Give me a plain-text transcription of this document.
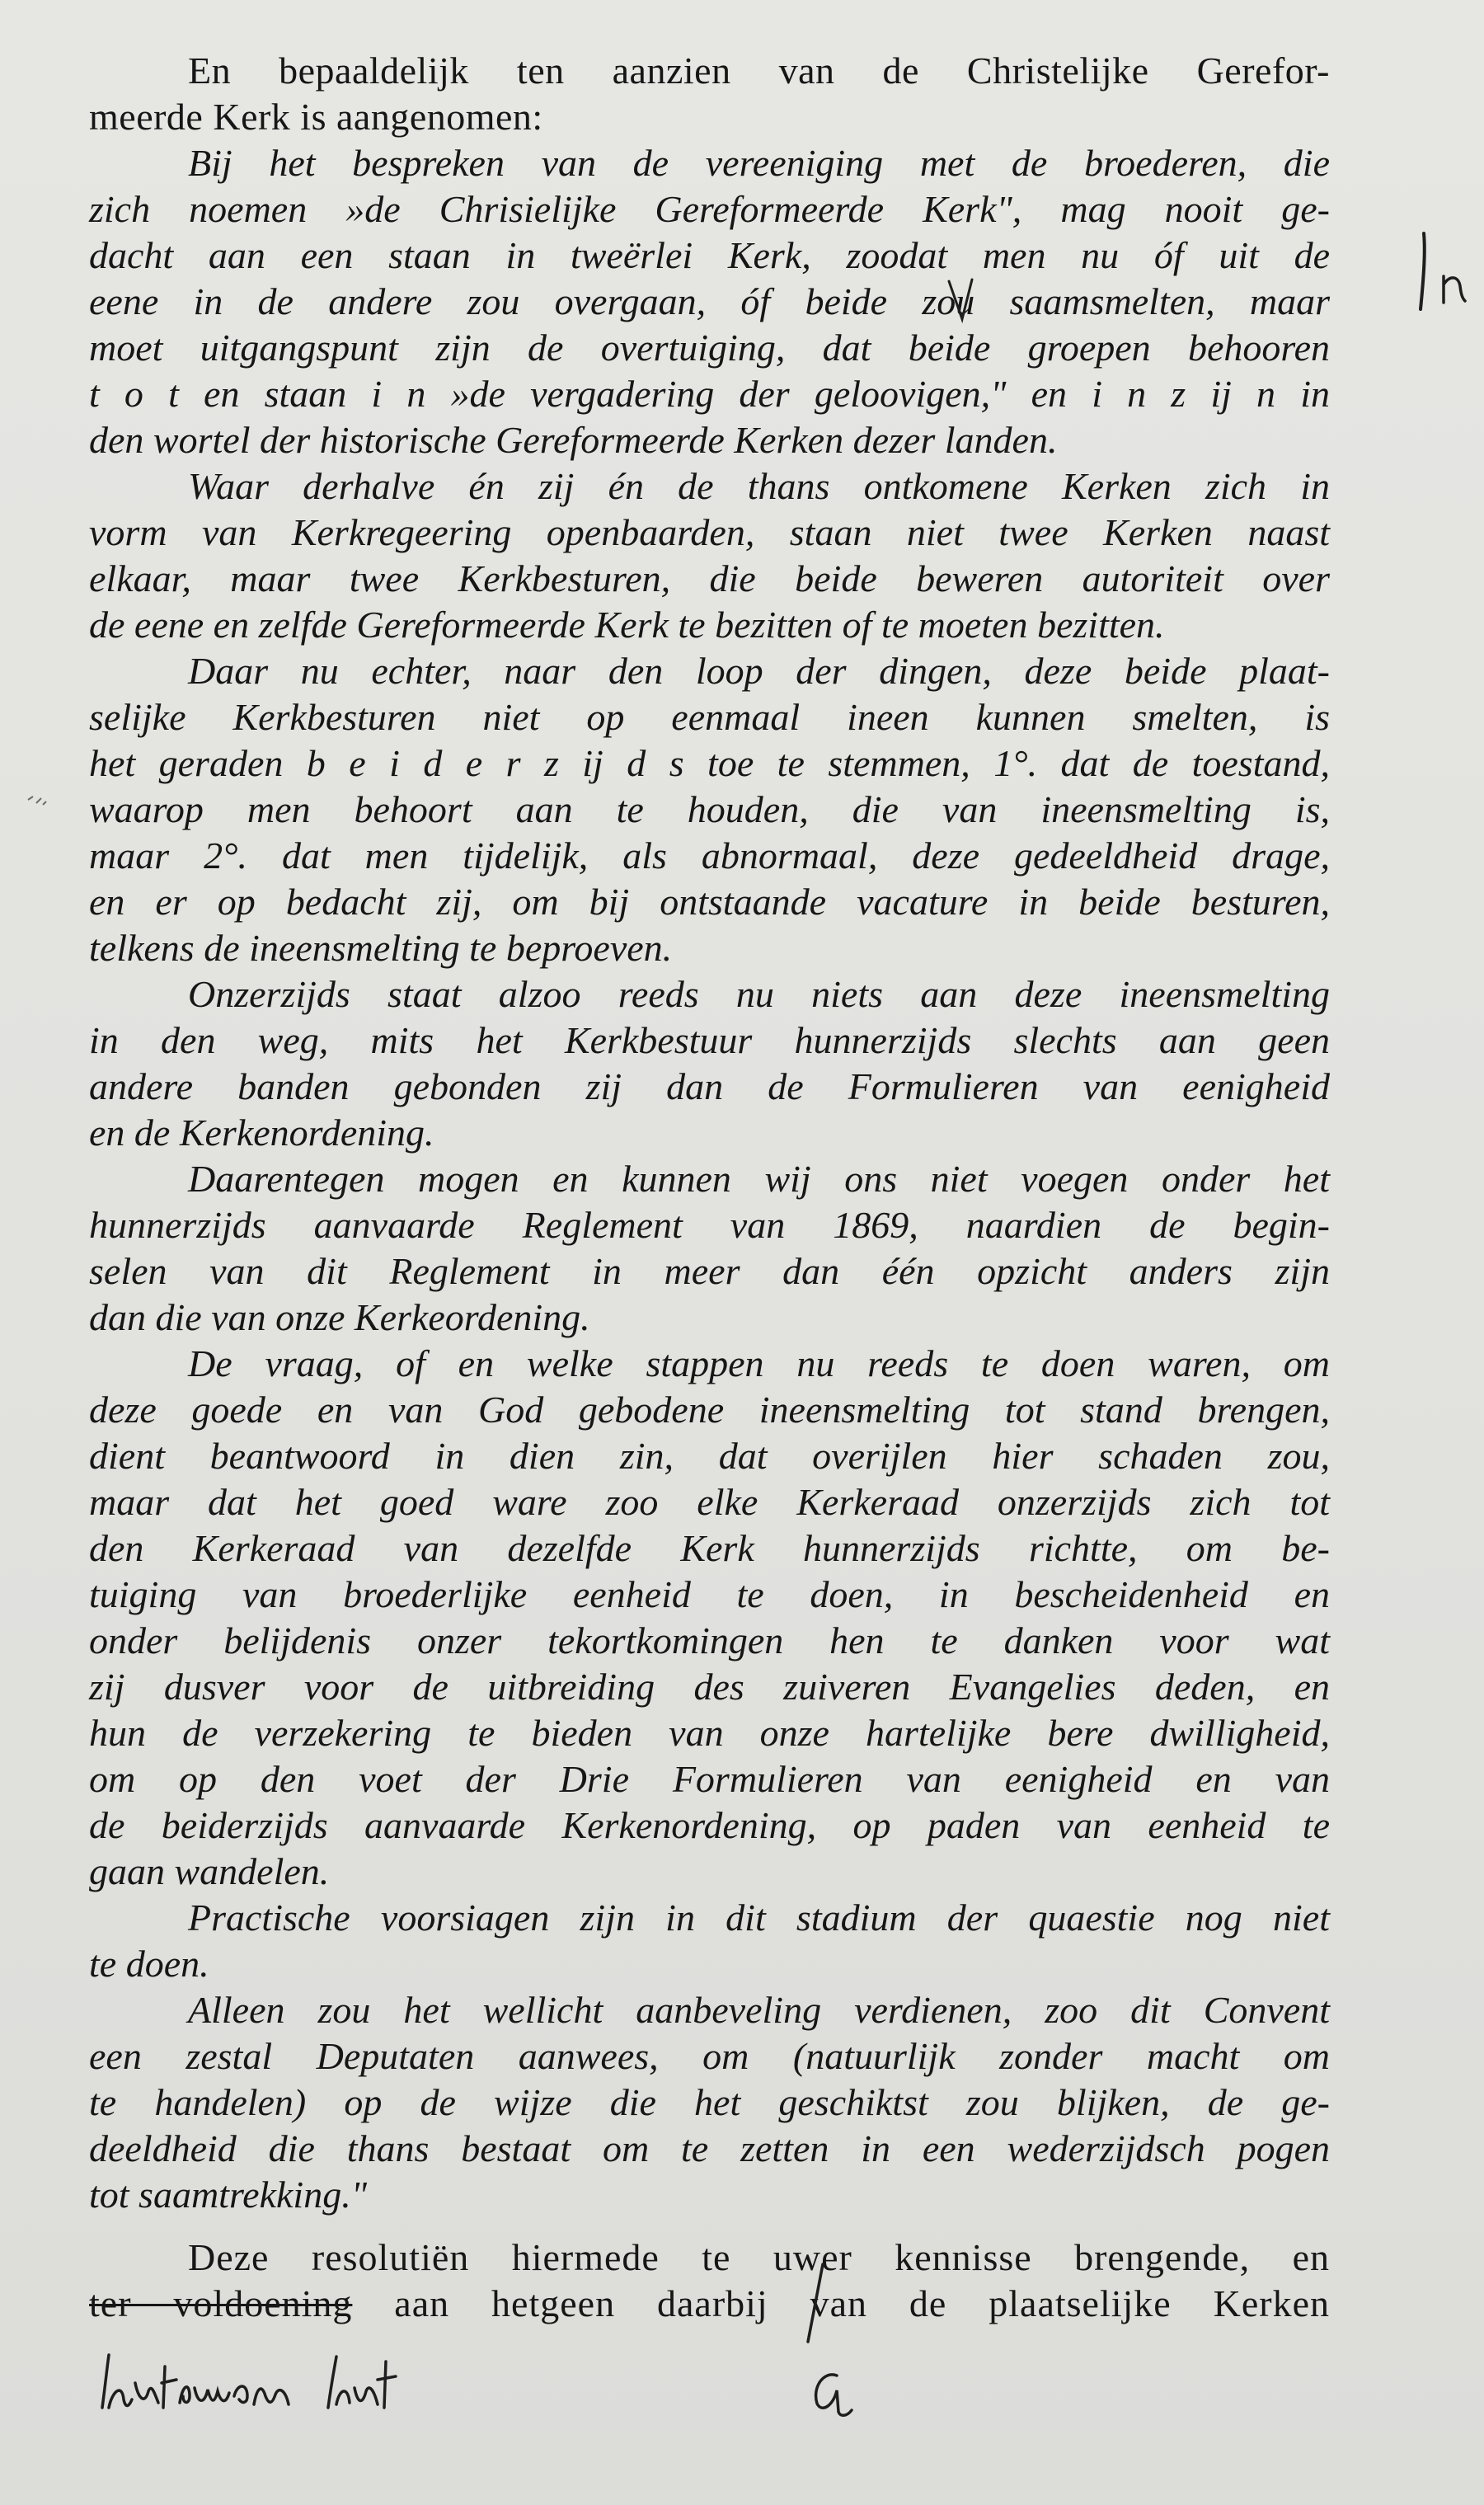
En bepaaldelijk ten aanzien van de Christelijke Gerefor-
meerde Kerk is aangenomen:
Bij het bespreken van de vereeniging met de broederen, die
zich noemen »de Chrisielijke Gereformeerde Kerk", mag nooit ge-
dacht aan een staan in tweërlei Kerk, zoodat men nu óf uit de
eene in de andere zou overgaan, óf beide zou saamsmelten, maar
moet uitgangspunt zijn de overtuiging, dat beide groepen behooren
t o t en staan i n »de vergadering der geloovigen," en i n z ij n in
den wortel der historische Gereformeerde Kerken dezer landen.
Waar derhalve én zij én de thans ontkomene Kerken zich in
vorm van Kerkregeering openbaarden, staan niet twee Kerken naast
elkaar, maar twee Kerkbesturen, die beide beweren autoriteit over
de eene en zelfde Gereformeerde Kerk te bezitten of te moeten bezitten.
Daar nu echter, naar den loop der dingen, deze beide plaat-
selijke Kerkbesturen niet op eenmaal ineen kunnen smelten, is
het geraden b e i d e r z ij d s toe te stemmen, 1°. dat de toestand,
waarop men behoort aan te houden, die van ineensmelting is,
maar 2°. dat men tijdelijk, als abnormaal, deze gedeeldheid drage,
en er op bedacht zij, om bij ontstaande vacature in beide besturen,
telkens de ineensmelting te beproeven.
Onzerzijds staat alzoo reeds nu niets aan deze ineensmelting
in den weg, mits het Kerkbestuur hunnerzijds slechts aan geen
andere banden gebonden zij dan de Formulieren van eenigheid
en de Kerkenordening.
Daarentegen mogen en kunnen wij ons niet voegen onder het
hunnerzijds aanvaarde Reglement van 1869, naardien de begin-
selen van dit Reglement in meer dan één opzicht anders zijn
dan die van onze Kerkeordening.
De vraag, of en welke stappen nu reeds te doen waren, om
deze goede en van God gebodene ineensmelting tot stand brengen,
dient beantwoord in dien zin, dat overijlen hier schaden zou,
maar dat het goed ware zoo elke Kerkeraad onzerzijds zich tot
den Kerkeraad van dezelfde Kerk hunnerzijds richtte, om be-
tuiging van broederlijke eenheid te doen, in bescheidenheid en
onder belijdenis onzer tekortkomingen hen te danken voor wat
zij dusver voor de uitbreiding des zuiveren Evangelies deden, en
hun de verzekering te bieden van onze hartelijke bere dwilligheid,
om op den voet der Drie Formulieren van eenigheid en van
de beiderzijds aanvaarde Kerkenordening, op paden van eenheid te
gaan wandelen.
Practische voorsiagen zijn in dit stadium der quaestie nog niet
te doen.
Alleen zou het wellicht aanbeveling verdienen, zoo dit Convent
een zestal Deputaten aanwees, om (natuurlijk zonder macht om
te handelen) op de wijze die het geschiktst zou blijken, de ge-
deeldheid die thans bestaat om te zetten in een wederzijdsch pogen
tot saamtrekking."
Deze resolutiën hiermede te uwer kennisse brengende, en
ter voldoening aan hetgeen daarbij van de plaatselijke Kerken
In
instemmend met
a
